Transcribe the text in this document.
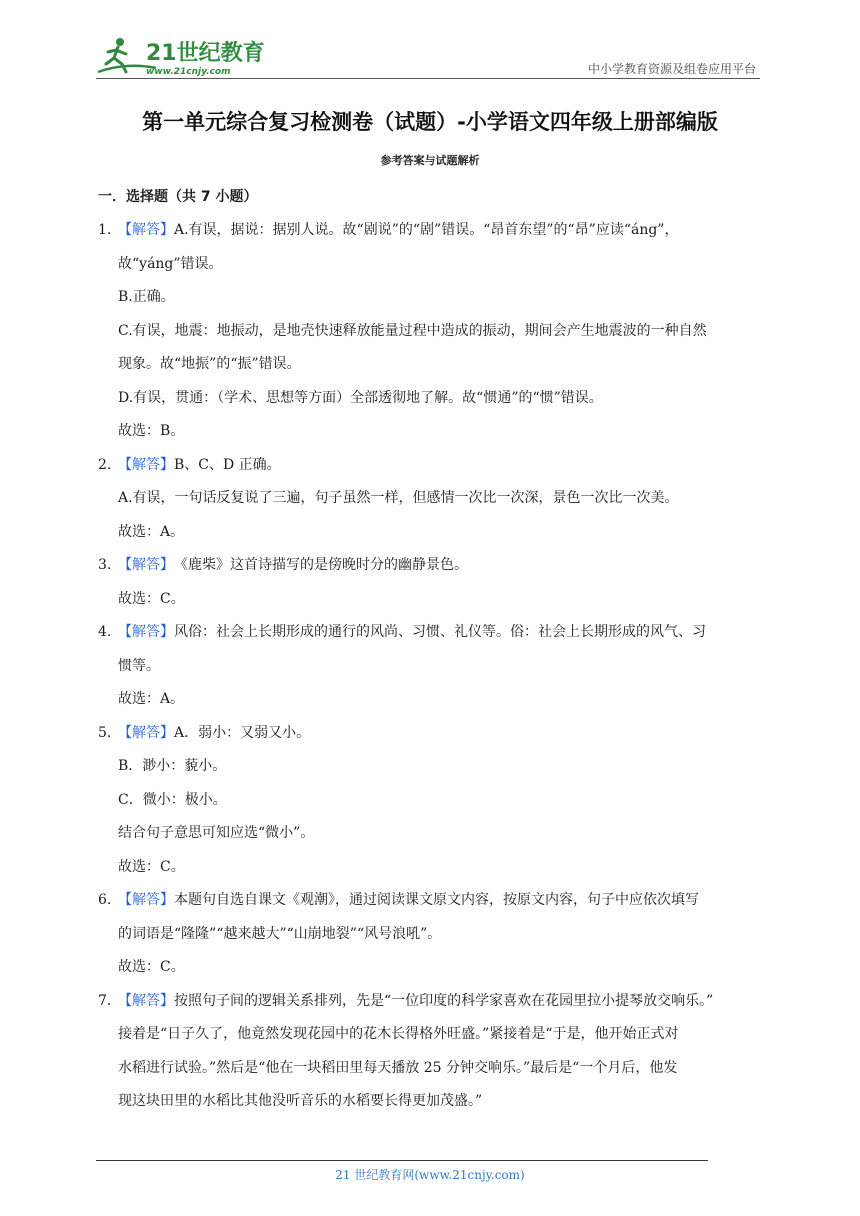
21世纪教育
www.21cnjy.com	中小学教育资源及组卷应用平台
第一单元综合复习检测卷（试题）-小学语文四年级上册部编版
参考答案与试题解析
一．选择题（共 7 小题）
1. 【解答】 A.有误，据说：据别人说。故“剧说”的“剧”错误。“昂首东望”的“昂”应读“áng”，
故“yáng”错误。
B.正确。
C.有误，地震：地振动，是地壳快速释放能量过程中造成的振动，期间会产生地震波的一种自然
现象。故“地振”的“振”错误。
D.有误，贯通：（学术、思想等方面）全部透彻地了解。故“惯通”的“惯”错误。
故选：B。
2. 【解答】 B、C、D 正确。
A.有误，一句话反复说了三遍，句子虽然一样，但感情一次比一次深，景色一次比一次美。
故选：A。
3. 【解答】 《鹿柴》这首诗描写的是傍晚时分的幽静景色。
故选：C。
4. 【解答】 风俗：社会上长期形成的通行的风尚、习惯、礼仪等。俗：社会上长期形成的风气、习
惯等。
故选：A。
5. 【解答】 A．弱小：又弱又小。
B．渺小：藐小。
C．微小：极小。
结合句子意思可知应选“微小”。
故选：C。
6. 【解答】 本题句自选自课文《观潮》，通过阅读课文原文内容，按原文内容，句子中应依次填写
的词语是“隆隆”“越来越大”“山崩地裂”“风号浪吼”。
故选：C。
7. 【解答】 按照句子间的逻辑关系排列，先是“一位印度的科学家喜欢在花园里拉小提琴放交响乐。”
接着是“日子久了，他竟然发现花园中的花木长得格外旺盛。”紧接着是“于是，他开始正式对
水稻进行试验。”然后是“他在一块稻田里每天播放 25 分钟交响乐。”最后是“一个月后，他发
现这块田里的水稻比其他没听音乐的水稻要长得更加茂盛。”
21 世纪教育网(www.21cnjy.com)
